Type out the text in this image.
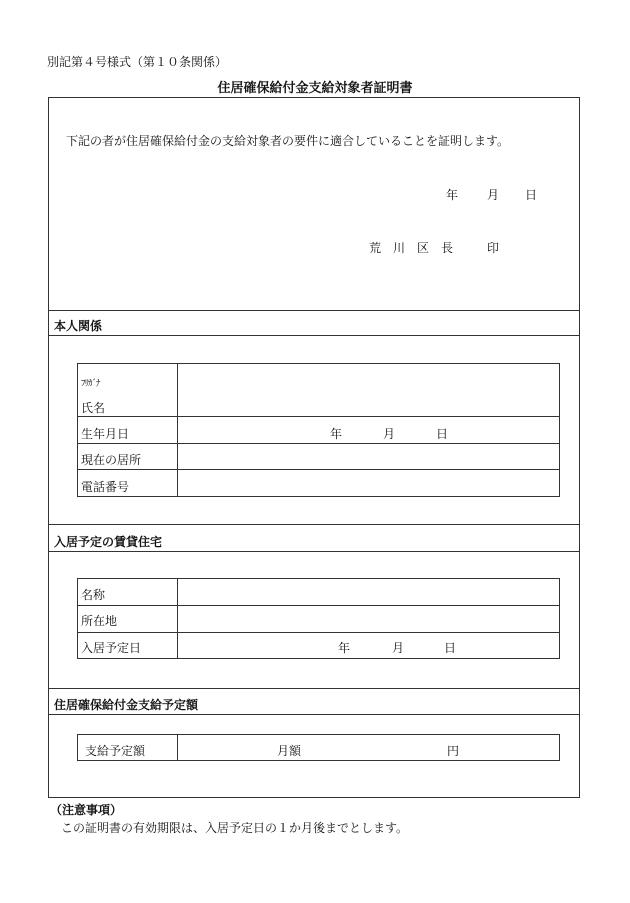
別記第４号様式（第１０条関係）
住居確保給付金支給対象者証明書
下記の者が住居確保給付金の支給対象者の要件に適合していることを証明します。
年 月 日
荒　川　区　長	印
本人関係
ﾌﾘｶﾞﾅ
氏名
生年月日	年	月	日
現在の居所
電話番号
入居予定の賃貸住宅
名称
所在地
入居予定日	年	月	日
住居確保給付金支給予定額
支給予定額	月額	円
（注意事項）
この証明書の有効期限は、入居予定日の１か月後までとします。
